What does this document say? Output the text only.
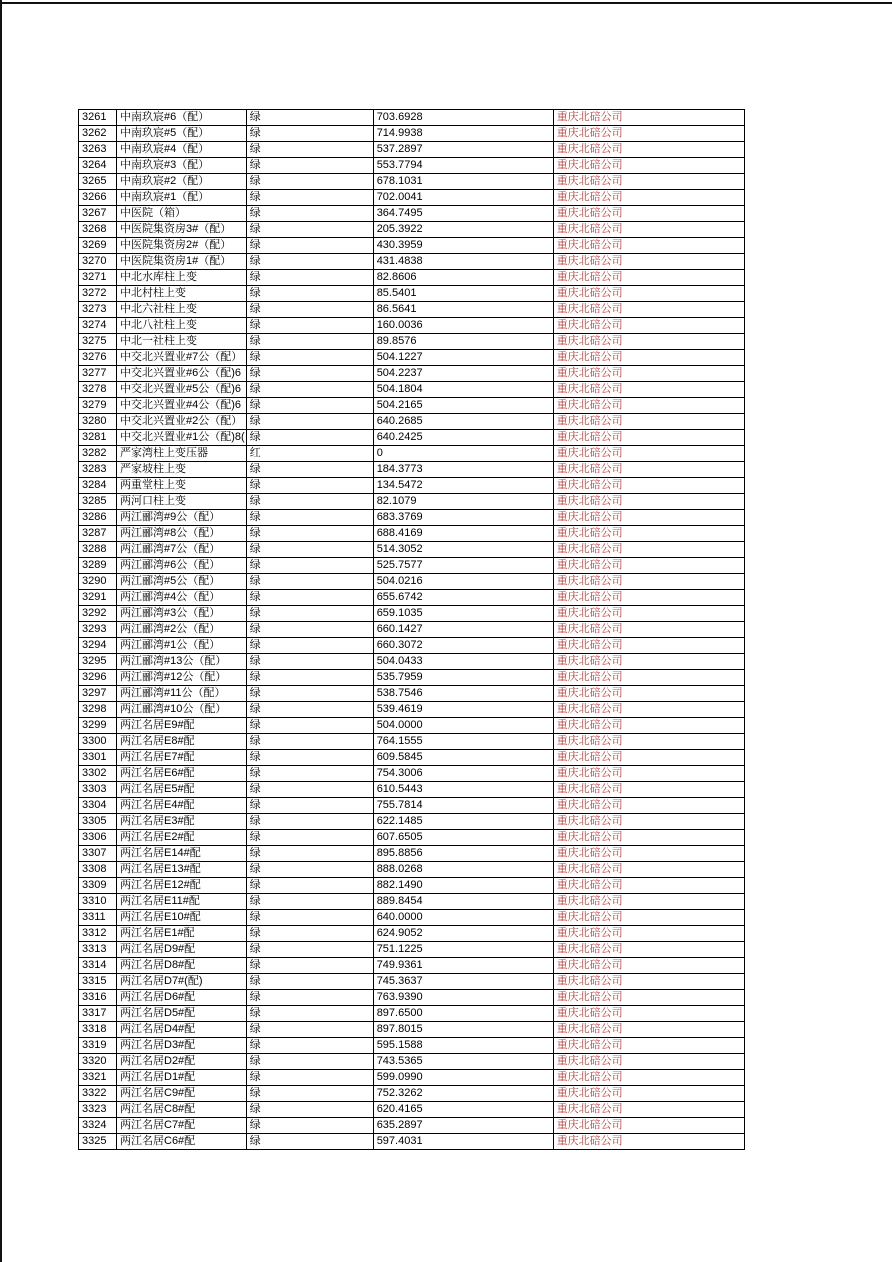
3261	中南玖宸#6（配）	绿	703.6928	重庆北碚公司
3262	中南玖宸#5（配）	绿	714.9938	重庆北碚公司
3263	中南玖宸#4（配）	绿	537.2897	重庆北碚公司
3264	中南玖宸#3（配）	绿	553.7794	重庆北碚公司
3265	中南玖宸#2（配）	绿	678.1031	重庆北碚公司
3266	中南玖宸#1（配）	绿	702.0041	重庆北碚公司
3267	中医院（箱）	绿	364.7495	重庆北碚公司
3268	中医院集资房3#（配）	绿	205.3922	重庆北碚公司
3269	中医院集资房2#（配）	绿	430.3959	重庆北碚公司
3270	中医院集资房1#（配）	绿	431.4838	重庆北碚公司
3271	中北水库柱上变	绿	82.8606	重庆北碚公司
3272	中北村柱上变	绿	85.5401	重庆北碚公司
3273	中北六社柱上变	绿	86.5641	重庆北碚公司
3274	中北八社柱上变	绿	160.0036	重庆北碚公司
3275	中北一社柱上变	绿	89.8576	重庆北碚公司
3276	中交北兴置业#7公（配）	绿	504.1227	重庆北碚公司
3277	中交北兴置业#6公（配)6	绿	504.2237	重庆北碚公司
3278	中交北兴置业#5公（配)6	绿	504.1804	重庆北碚公司
3279	中交北兴置业#4公（配)6	绿	504.2165	重庆北碚公司
3280	中交北兴置业#2公（配）	绿	640.2685	重庆北碚公司
3281	中交北兴置业#1公（配)8(	绿	640.2425	重庆北碚公司
3282	严家湾柱上变压器	红	0	重庆北碚公司
3283	严家坡柱上变	绿	184.3773	重庆北碚公司
3284	两重堂柱上变	绿	134.5472	重庆北碚公司
3285	两河口柱上变	绿	82.1079	重庆北碚公司
3286	两江郦湾#9公（配）	绿	683.3769	重庆北碚公司
3287	两江郦湾#8公（配）	绿	688.4169	重庆北碚公司
3288	两江郦湾#7公（配）	绿	514.3052	重庆北碚公司
3289	两江郦湾#6公（配）	绿	525.7577	重庆北碚公司
3290	两江郦湾#5公（配）	绿	504.0216	重庆北碚公司
3291	两江郦湾#4公（配）	绿	655.6742	重庆北碚公司
3292	两江郦湾#3公（配）	绿	659.1035	重庆北碚公司
3293	两江郦湾#2公（配）	绿	660.1427	重庆北碚公司
3294	两江郦湾#1公（配）	绿	660.3072	重庆北碚公司
3295	两江郦湾#13公（配）	绿	504.0433	重庆北碚公司
3296	两江郦湾#12公（配）	绿	535.7959	重庆北碚公司
3297	两江郦湾#11公（配）	绿	538.7546	重庆北碚公司
3298	两江郦湾#10公（配）	绿	539.4619	重庆北碚公司
3299	两江名居E9#配	绿	504.0000	重庆北碚公司
3300	两江名居E8#配	绿	764.1555	重庆北碚公司
3301	两江名居E7#配	绿	609.5845	重庆北碚公司
3302	两江名居E6#配	绿	754.3006	重庆北碚公司
3303	两江名居E5#配	绿	610.5443	重庆北碚公司
3304	两江名居E4#配	绿	755.7814	重庆北碚公司
3305	两江名居E3#配	绿	622.1485	重庆北碚公司
3306	两江名居E2#配	绿	607.6505	重庆北碚公司
3307	两江名居E14#配	绿	895.8856	重庆北碚公司
3308	两江名居E13#配	绿	888.0268	重庆北碚公司
3309	两江名居E12#配	绿	882.1490	重庆北碚公司
3310	两江名居E11#配	绿	889.8454	重庆北碚公司
3311	两江名居E10#配	绿	640.0000	重庆北碚公司
3312	两江名居E1#配	绿	624.9052	重庆北碚公司
3313	两江名居D9#配	绿	751.1225	重庆北碚公司
3314	两江名居D8#配	绿	749.9361	重庆北碚公司
3315	两江名居D7#(配)	绿	745.3637	重庆北碚公司
3316	两江名居D6#配	绿	763.9390	重庆北碚公司
3317	两江名居D5#配	绿	897.6500	重庆北碚公司
3318	两江名居D4#配	绿	897.8015	重庆北碚公司
3319	两江名居D3#配	绿	595.1588	重庆北碚公司
3320	两江名居D2#配	绿	743.5365	重庆北碚公司
3321	两江名居D1#配	绿	599.0990	重庆北碚公司
3322	两江名居C9#配	绿	752.3262	重庆北碚公司
3323	两江名居C8#配	绿	620.4165	重庆北碚公司
3324	两江名居C7#配	绿	635.2897	重庆北碚公司
3325	两江名居C6#配	绿	597.4031	重庆北碚公司
